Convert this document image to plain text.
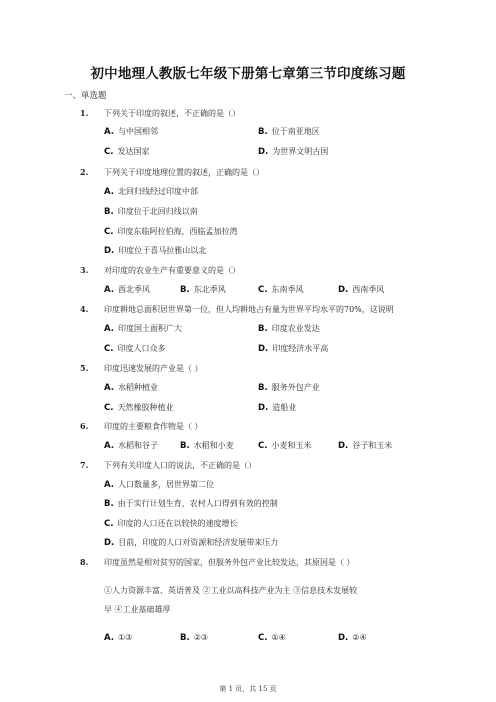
初中地理人教版七年级下册第七章第三节印度练习题
一、单选题
1. 下列关于印度的叙述，不正确的是（）
A. 与中国相邻	B. 位于南亚地区
C. 发达国家	D. 为世界文明古国
2. 下列关于印度地理位置的叙述，正确的是（）
A. 北回归线经过印度中部
B. 印度位于北回归线以南
C. 印度东临阿拉伯海，西临孟加拉湾
D. 印度位于喜马拉雅山以北
3. 对印度的农业生产有重要意义的是（）
A. 西北季风	B. 东北季风	C. 东南季风	D. 西南季风
4. 印度耕地总面积居世界第一位，但人均耕地占有量为世界平均水平的70%，这说明
A. 印度国土面积广大	B. 印度农业发达
C. 印度人口众多	D. 印度经济水平高
5. 印度迅速发展的产业是（ ）
A. 水稻种植业	B. 服务外包产业
C. 天然橡胶种植业	D. 造船业
6. 印度的主要粮食作物是（ ）
A. 水稻和谷子	B. 水稻和小麦	C. 小麦和玉米	D. 谷子和玉米
7. 下列有关印度人口的说法，不正确的是（）
A. 人口数量多，居世界第二位
B. 由于实行计划生育，农村人口得到有效的控制
C. 印度的人口还在以较快的速度增长
D. 目前，印度的人口对资源和经济发展带来压力
8. 印度虽然是相对贫穷的国家，但服务外包产业比较发达，其原因是（ ）
①人力资源丰富、英语普及 ②工业以高科技产业为主 ③信息技术发展较
早 ④工业基础雄厚
A. ①③	B. ②③	C. ①④	D. ②④
第 1 页，共 15 页
